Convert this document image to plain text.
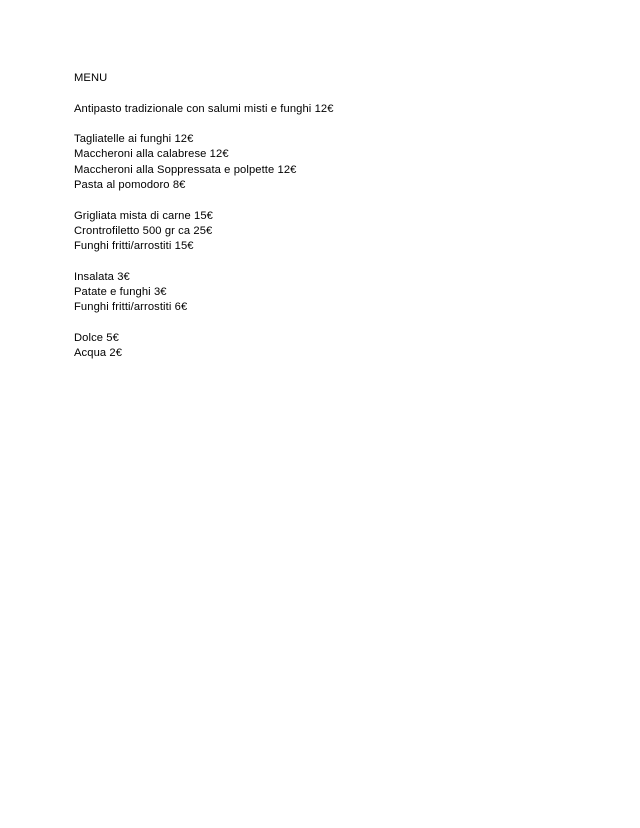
MENU
Antipasto tradizionale con salumi misti e funghi 12€
Tagliatelle ai funghi 12€
Maccheroni alla calabrese 12€
Maccheroni alla Soppressata e polpette 12€
Pasta al pomodoro 8€
Grigliata mista di carne 15€
Crontrofiletto 500 gr ca 25€
Funghi fritti/arrostiti 15€
Insalata 3€
Patate e funghi 3€
Funghi fritti/arrostiti 6€
Dolce 5€
Acqua 2€
